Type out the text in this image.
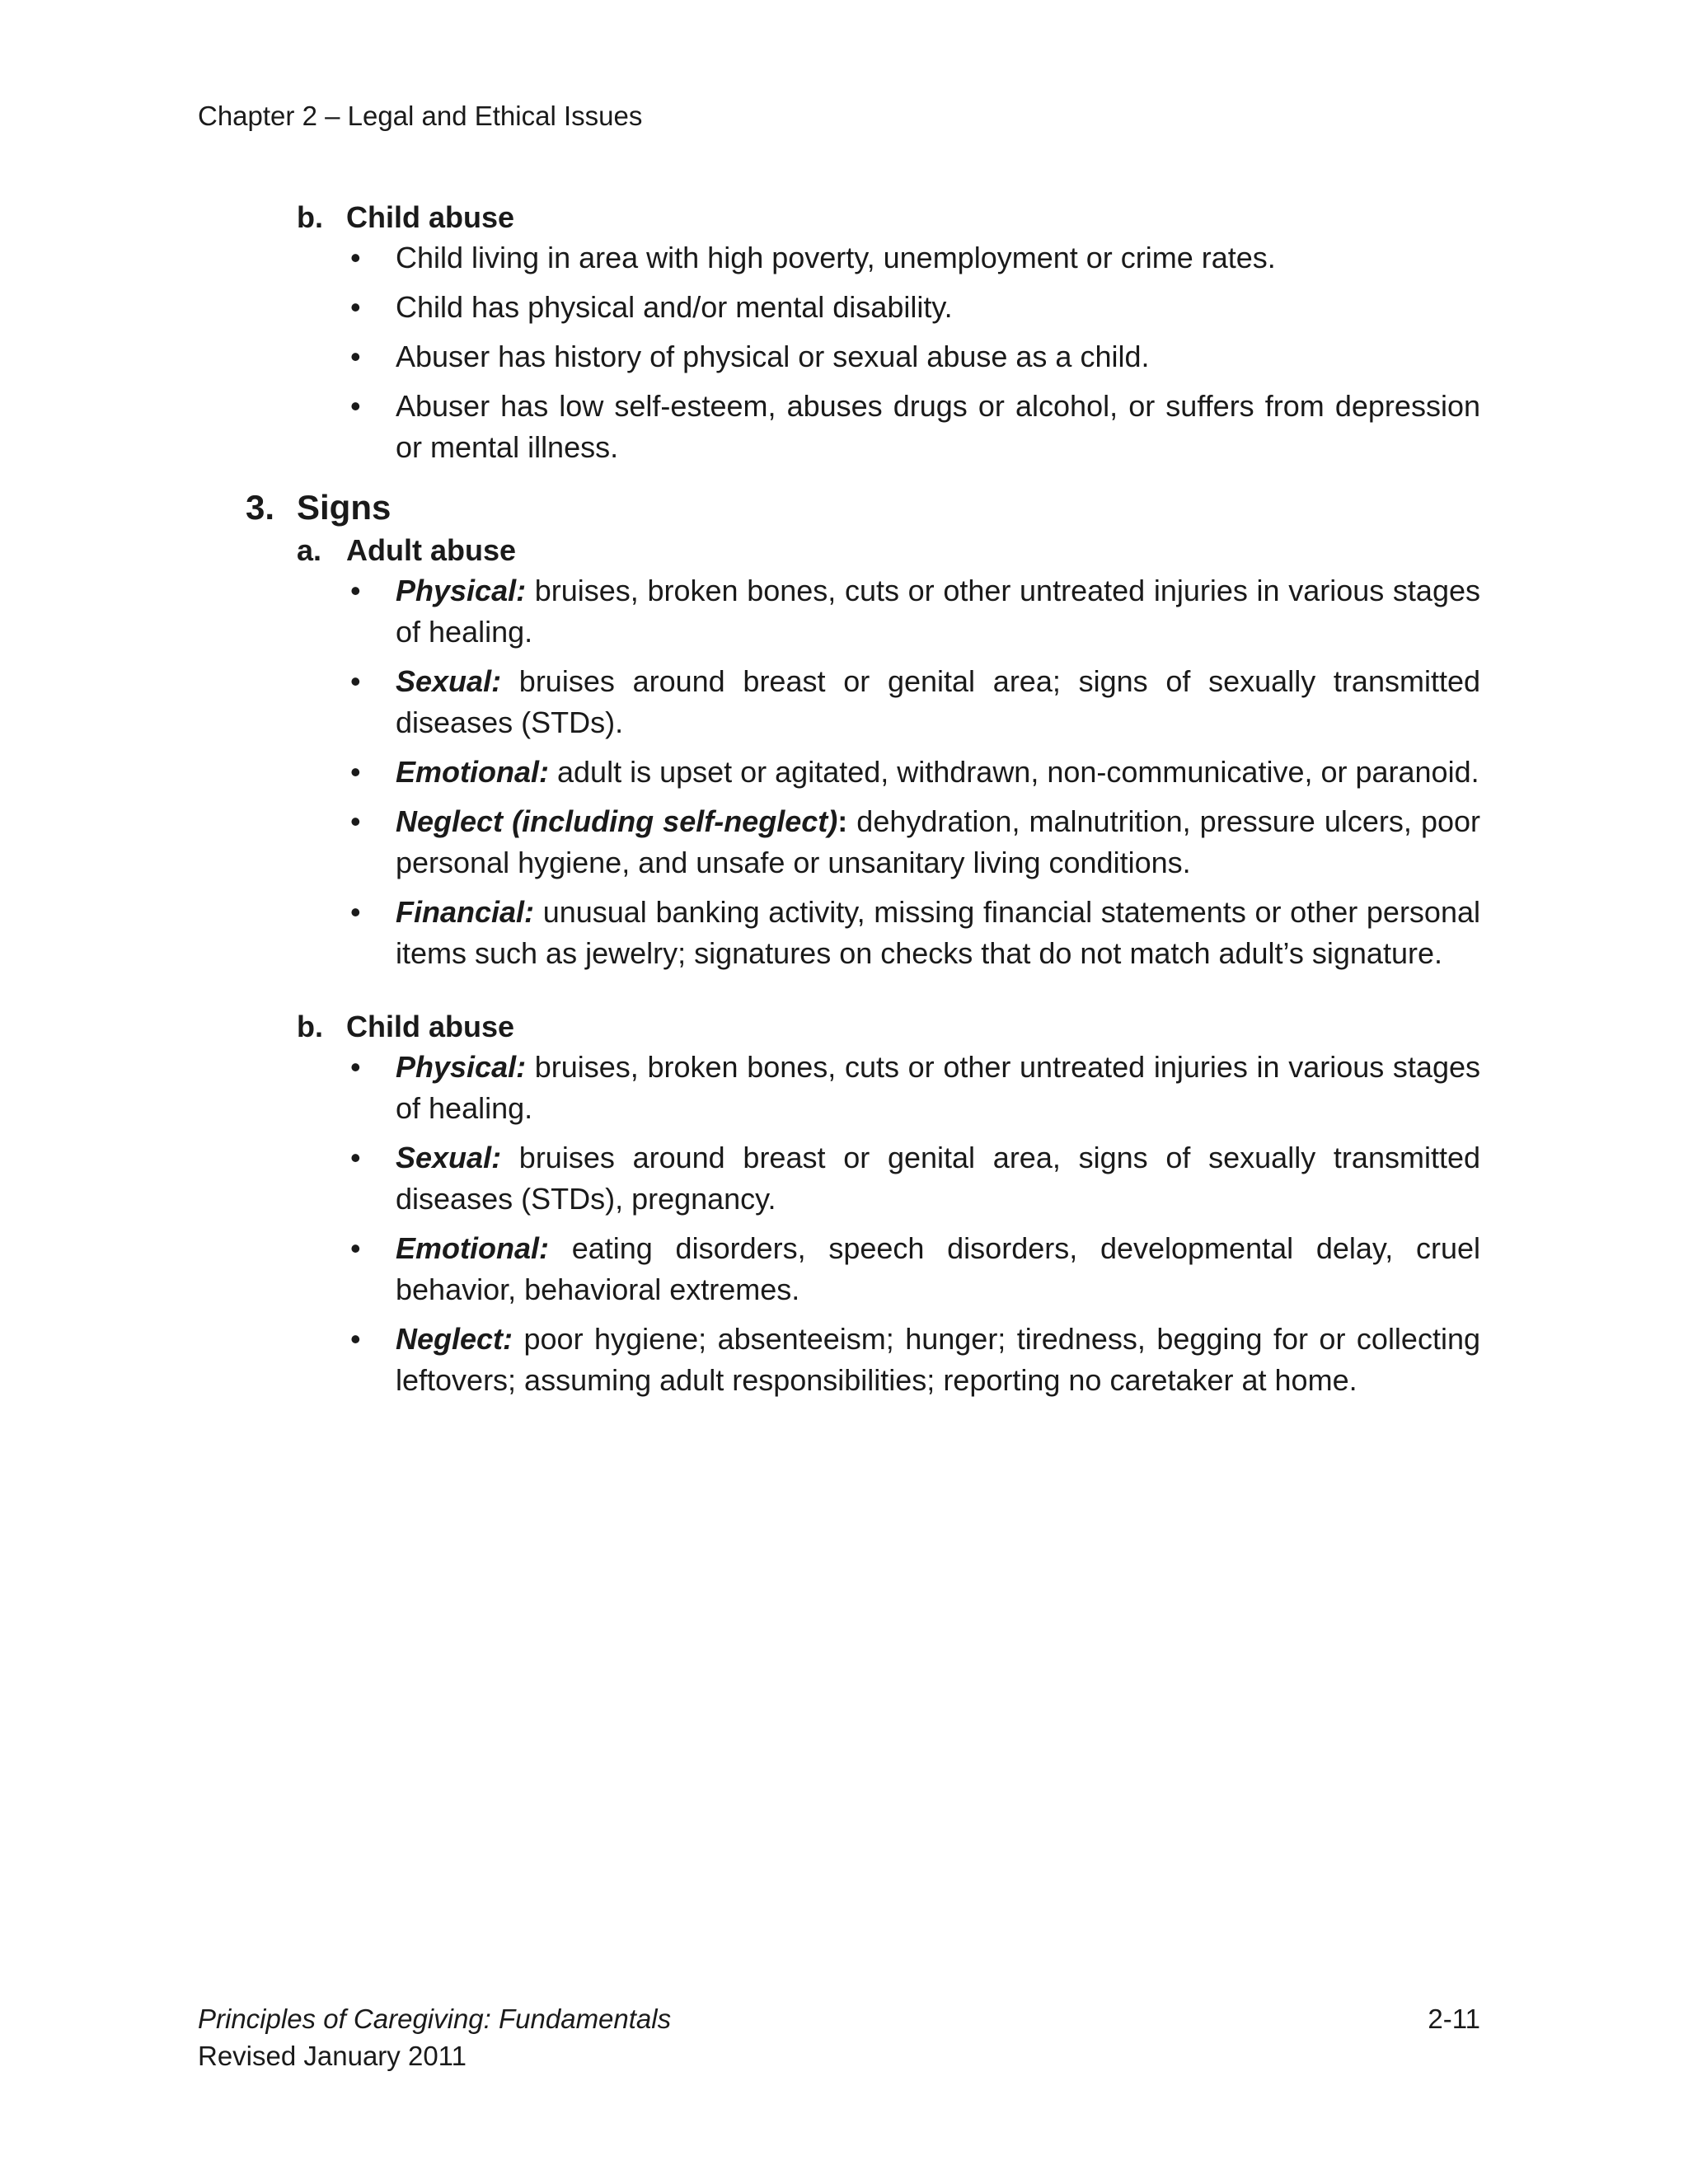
Chapter 2 – Legal and Ethical Issues
b. Child abuse
• Child living in area with high poverty, unemployment or crime rates.
• Child has physical and/or mental disability.
• Abuser has history of physical or sexual abuse as a child.
• Abuser has low self-esteem, abuses drugs or alcohol, or suffers from depression or mental illness.
3. Signs
a. Adult abuse
• Physical: bruises, broken bones, cuts or other untreated injuries in various stages of healing.
• Sexual: bruises around breast or genital area; signs of sexually transmitted diseases (STDs).
• Emotional: adult is upset or agitated, withdrawn, non-communicative, or paranoid.
• Neglect (including self-neglect): dehydration, malnutrition, pressure ulcers, poor personal hygiene, and unsafe or unsanitary living conditions.
• Financial: unusual banking activity, missing financial statements or other personal items such as jewelry; signatures on checks that do not match adult’s signature.
b. Child abuse
• Physical: bruises, broken bones, cuts or other untreated injuries in various stages of healing.
• Sexual: bruises around breast or genital area, signs of sexually transmitted diseases (STDs), pregnancy.
• Emotional: eating disorders, speech disorders, developmental delay, cruel behavior, behavioral extremes.
• Neglect: poor hygiene; absenteeism; hunger; tiredness, begging for or collecting leftovers; assuming adult responsibilities; reporting no caretaker at home.
Principles of Caregiving: Fundamentals	2-11
Revised January 2011
